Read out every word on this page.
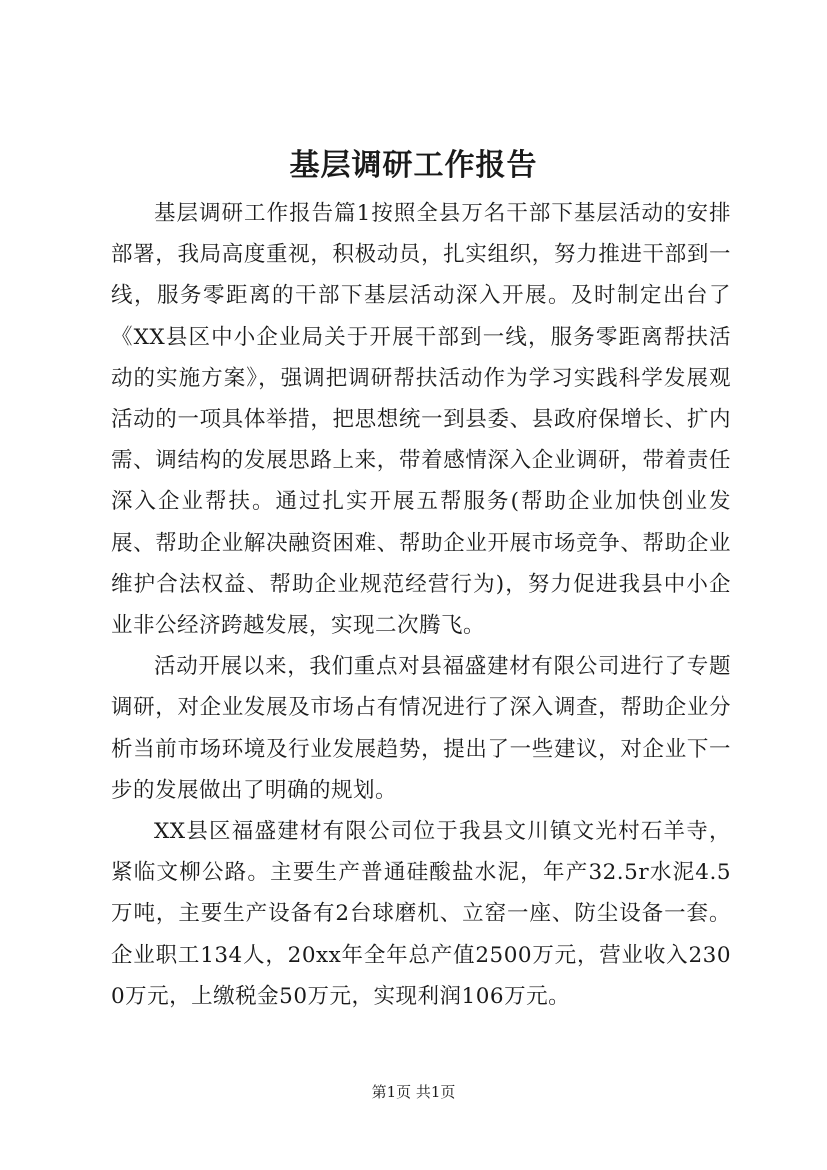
基层调研工作报告

基层调研工作报告篇1按照全县万名干部下基层活动的安排部署，我局高度重视，积极动员，扎实组织，努力推进干部到一线，服务零距离的干部下基层活动深入开展。及时制定出台了《XX县区中小企业局关于开展干部到一线，服务零距离帮扶活动的实施方案》，强调把调研帮扶活动作为学习实践科学发展观活动的一项具体举措，把思想统一到县委、县政府保增长、扩内需、调结构的发展思路上来，带着感情深入企业调研，带着责任深入企业帮扶。通过扎实开展五帮服务(帮助企业加快创业发展、帮助企业解决融资困难、帮助企业开展市场竞争、帮助企业维护合法权益、帮助企业规范经营行为)，努力促进我县中小企业非公经济跨越发展，实现二次腾飞。

活动开展以来，我们重点对县福盛建材有限公司进行了专题调研，对企业发展及市场占有情况进行了深入调查，帮助企业分析当前市场环境及行业发展趋势，提出了一些建议，对企业下一步的发展做出了明确的规划。

XX县区福盛建材有限公司位于我县文川镇文光村石羊寺，紧临文柳公路。主要生产普通硅酸盐水泥，年产32.5r水泥4.5万吨，主要生产设备有2台球磨机、立窑一座、防尘设备一套。企业职工134人，20xx年全年总产值2500万元，营业收入2300万元，上缴税金50万元，实现利润106万元。

第1页 共1页
